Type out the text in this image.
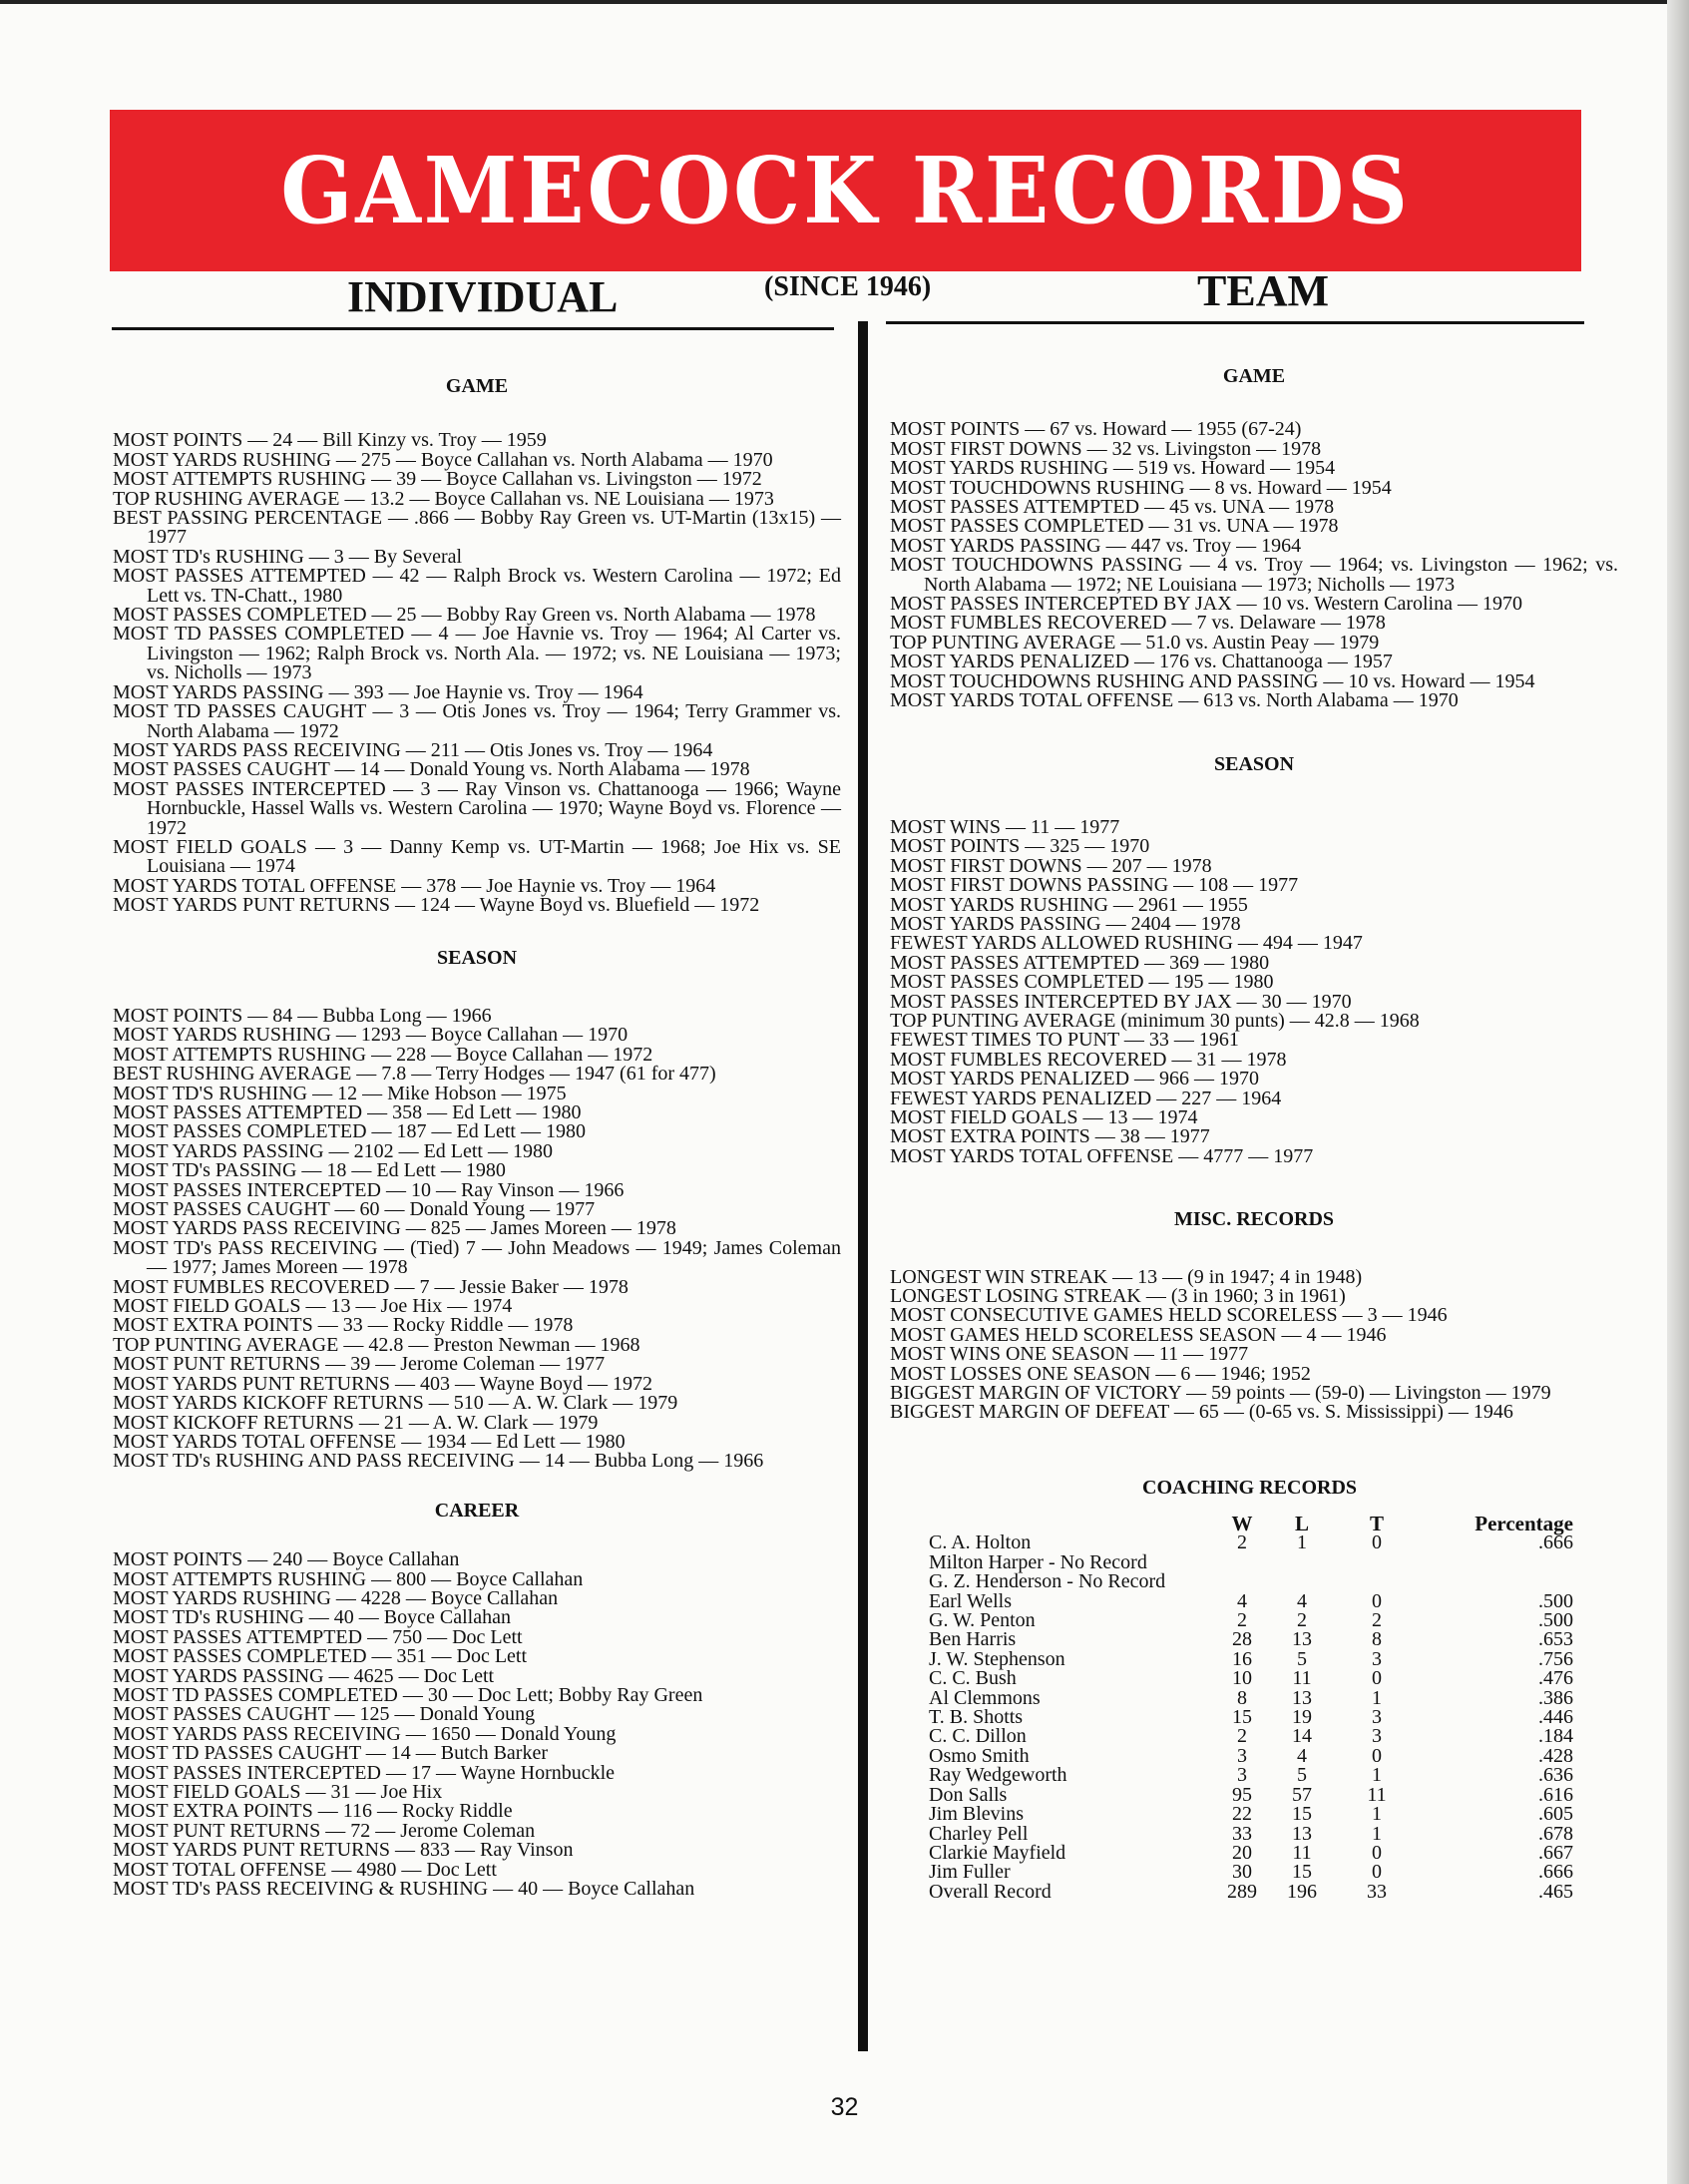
GAMECOCK RECORDS
INDIVIDUAL	(SINCE 1946)	TEAM

GAME

MOST POINTS — 24 — Bill Kinzy vs. Troy — 1959

MOST YARDS RUSHING — 275 — Boyce Callahan vs. North Alabama — 1970

MOST ATTEMPTS RUSHING — 39 — Boyce Callahan vs. Livingston — 1972

TOP RUSHING AVERAGE — 13.2 — Boyce Callahan vs. NE Louisiana — 1973

BEST PASSING PERCENTAGE — .866 — Bobby Ray Green vs. UT-Martin (13x15) — 1977

MOST TD's RUSHING — 3 — By Several

MOST PASSES ATTEMPTED — 42 — Ralph Brock vs. Western Carolina — 1972; Ed Lett vs. TN-Chatt., 1980

MOST PASSES COMPLETED — 25 — Bobby Ray Green vs. North Alabama — 1978

MOST TD PASSES COMPLETED — 4 — Joe Havnie vs. Troy — 1964; Al Carter vs. Livingston — 1962; Ralph Brock vs. North Ala. — 1972; vs. NE Louisiana — 1973; vs. Nicholls — 1973

MOST YARDS PASSING — 393 — Joe Haynie vs. Troy — 1964

MOST TD PASSES CAUGHT — 3 — Otis Jones vs. Troy — 1964; Terry Grammer vs. North Alabama — 1972

MOST YARDS PASS RECEIVING — 211 — Otis Jones vs. Troy — 1964

MOST PASSES CAUGHT — 14 — Donald Young vs. North Alabama — 1978

MOST PASSES INTERCEPTED — 3 — Ray Vinson vs. Chattanooga — 1966; Wayne Hornbuckle, Hassel Walls vs. Western Carolina — 1970; Wayne Boyd vs. Florence — 1972

MOST FIELD GOALS — 3 — Danny Kemp vs. UT-Martin — 1968; Joe Hix vs. SE Louisiana — 1974

MOST YARDS TOTAL OFFENSE — 378 — Joe Haynie vs. Troy — 1964

MOST YARDS PUNT RETURNS — 124 — Wayne Boyd vs. Bluefield — 1972

SEASON

MOST POINTS — 84 — Bubba Long — 1966

MOST YARDS RUSHING — 1293 — Boyce Callahan — 1970

MOST ATTEMPTS RUSHING — 228 — Boyce Callahan — 1972

BEST RUSHING AVERAGE — 7.8 — Terry Hodges — 1947 (61 for 477)

MOST TD'S RUSHING — 12 — Mike Hobson — 1975

MOST PASSES ATTEMPTED — 358 — Ed Lett — 1980

MOST PASSES COMPLETED — 187 — Ed Lett — 1980

MOST YARDS PASSING — 2102 — Ed Lett — 1980

MOST TD's PASSING — 18 — Ed Lett — 1980

MOST PASSES INTERCEPTED — 10 — Ray Vinson — 1966

MOST PASSES CAUGHT — 60 — Donald Young — 1977

MOST YARDS PASS RECEIVING — 825 — James Moreen — 1978

MOST TD's PASS RECEIVING — (Tied) 7 — John Meadows — 1949; James Coleman — 1977; James Moreen — 1978

MOST FUMBLES RECOVERED — 7 — Jessie Baker — 1978

MOST FIELD GOALS — 13 — Joe Hix — 1974

MOST EXTRA POINTS — 33 — Rocky Riddle — 1978

TOP PUNTING AVERAGE — 42.8 — Preston Newman — 1968

MOST PUNT RETURNS — 39 — Jerome Coleman — 1977

MOST YARDS PUNT RETURNS — 403 — Wayne Boyd — 1972

MOST YARDS KICKOFF RETURNS — 510 — A. W. Clark — 1979

MOST KICKOFF RETURNS — 21 — A. W. Clark — 1979

MOST YARDS TOTAL OFFENSE — 1934 — Ed Lett — 1980

MOST TD's RUSHING AND PASS RECEIVING — 14 — Bubba Long — 1966

CAREER

MOST POINTS — 240 — Boyce Callahan

MOST ATTEMPTS RUSHING — 800 — Boyce Callahan

MOST YARDS RUSHING — 4228 — Boyce Callahan

MOST TD's RUSHING — 40 — Boyce Callahan

MOST PASSES ATTEMPTED — 750 — Doc Lett

MOST PASSES COMPLETED — 351 — Doc Lett

MOST YARDS PASSING — 4625 — Doc Lett

MOST TD PASSES COMPLETED — 30 — Doc Lett; Bobby Ray Green

MOST PASSES CAUGHT — 125 — Donald Young

MOST YARDS PASS RECEIVING — 1650 — Donald Young

MOST TD PASSES CAUGHT — 14 — Butch Barker

MOST PASSES INTERCEPTED — 17 — Wayne Hornbuckle

MOST FIELD GOALS — 31 — Joe Hix

MOST EXTRA POINTS — 116 — Rocky Riddle

MOST PUNT RETURNS — 72 — Jerome Coleman

MOST YARDS PUNT RETURNS — 833 — Ray Vinson

MOST TOTAL OFFENSE — 4980 — Doc Lett

MOST TD's PASS RECEIVING & RUSHING — 40 — Boyce Callahan

GAME

MOST POINTS — 67 vs. Howard — 1955 (67-24)

MOST FIRST DOWNS — 32 vs. Livingston — 1978

MOST YARDS RUSHING — 519 vs. Howard — 1954

MOST TOUCHDOWNS RUSHING — 8 vs. Howard — 1954

MOST PASSES ATTEMPTED — 45 vs. UNA — 1978

MOST PASSES COMPLETED — 31 vs. UNA — 1978

MOST YARDS PASSING — 447 vs. Troy — 1964

MOST TOUCHDOWNS PASSING — 4 vs. Troy — 1964; vs. Livingston — 1962; vs. North Alabama — 1972; NE Louisiana — 1973; Nicholls — 1973

MOST PASSES INTERCEPTED BY JAX — 10 vs. Western Carolina — 1970

MOST FUMBLES RECOVERED — 7 vs. Delaware — 1978

TOP PUNTING AVERAGE — 51.0 vs. Austin Peay — 1979

MOST YARDS PENALIZED — 176 vs. Chattanooga — 1957

MOST TOUCHDOWNS RUSHING AND PASSING — 10 vs. Howard — 1954

MOST YARDS TOTAL OFFENSE — 613 vs. North Alabama — 1970

SEASON

MOST WINS — 11 — 1977

MOST POINTS — 325 — 1970

MOST FIRST DOWNS — 207 — 1978

MOST FIRST DOWNS PASSING — 108 — 1977

MOST YARDS RUSHING — 2961 — 1955

MOST YARDS PASSING — 2404 — 1978

FEWEST YARDS ALLOWED RUSHING — 494 — 1947

MOST PASSES ATTEMPTED — 369 — 1980

MOST PASSES COMPLETED — 195 — 1980

MOST PASSES INTERCEPTED BY JAX — 30 — 1970

TOP PUNTING AVERAGE (minimum 30 punts) — 42.8 — 1968

FEWEST TIMES TO PUNT — 33 — 1961

MOST FUMBLES RECOVERED — 31 — 1978

MOST YARDS PENALIZED — 966 — 1970

FEWEST YARDS PENALIZED — 227 — 1964

MOST FIELD GOALS — 13 — 1974

MOST EXTRA POINTS — 38 — 1977

MOST YARDS TOTAL OFFENSE — 4777 — 1977

MISC. RECORDS

LONGEST WIN STREAK — 13 — (9 in 1947; 4 in 1948)

LONGEST LOSING STREAK — (3 in 1960; 3 in 1961)

MOST CONSECUTIVE GAMES HELD SCORELESS — 3 — 1946

MOST GAMES HELD SCORELESS SEASON — 4 — 1946

MOST WINS ONE SEASON — 11 — 1977

MOST LOSSES ONE SEASON — 6 — 1946; 1952

BIGGEST MARGIN OF VICTORY — 59 points — (59-0) — Livingston — 1979

BIGGEST MARGIN OF DEFEAT — 65 — (0-65 vs. S. Mississippi) — 1946

COACHING RECORDS
	W	L	T	Percentage
C. A. Holton	2	1	0	.666
Milton Harper - No Record				
G. Z. Henderson - No Record				
Earl Wells	4	4	0	.500
G. W. Penton	2	2	2	.500
Ben Harris	28	13	8	.653
J. W. Stephenson	16	5	3	.756
C. C. Bush	10	11	0	.476
Al Clemmons	8	13	1	.386
T. B. Shotts	15	19	3	.446
C. C. Dillon	2	14	3	.184
Osmo Smith	3	4	0	.428
Ray Wedgeworth	3	5	1	.636
Don Salls	95	57	11	.616
Jim Blevins	22	15	1	.605
Charley Pell	33	13	1	.678
Clarkie Mayfield	20	11	0	.667
Jim Fuller	30	15	0	.666
Overall Record	289	196	33	.465
32
